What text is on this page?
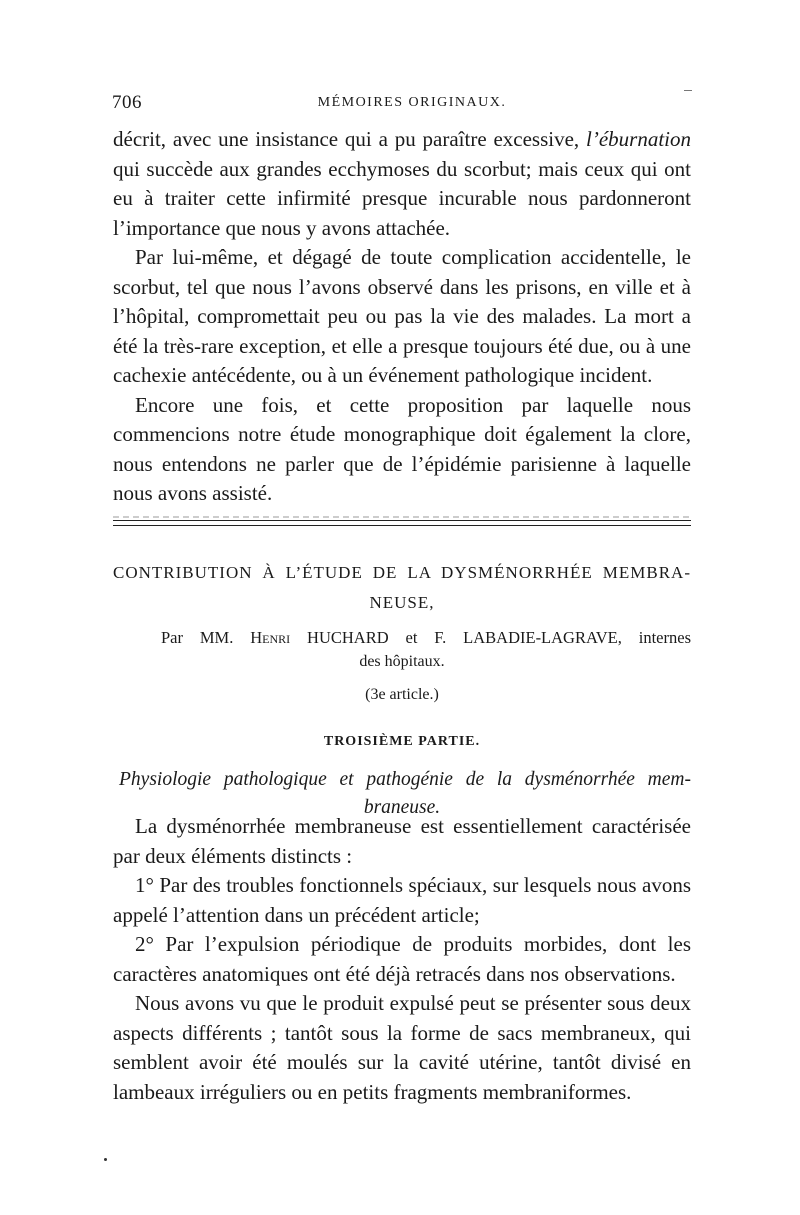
706	MÉMOIRES ORIGINAUX.

décrit, avec une insistance qui a pu paraître excessive, l’éburnation qui succède aux grandes ecchymoses du scorbut; mais ceux qui ont eu à traiter cette infirmité presque incurable nous pardonneront l’importance que nous y avons attachée.

Par lui-même, et dégagé de toute complication accidentelle, le scorbut, tel que nous l’avons observé dans les prisons, en ville et à l’hôpital, compromettait peu ou pas la vie des malades. La mort a été la très-rare exception, et elle a presque toujours été due, ou à une cachexie antécédente, ou à un événement pathologique incident.

Encore une fois, et cette proposition par laquelle nous commencions notre étude monographique doit également la clore, nous entendons ne parler que de l’épidémie parisienne à laquelle nous avons assisté.

CONTRIBUTION À L’ÉTUDE DE LA DYSMÉNORRHÉE MEMBRA-
NEUSE,

Par MM. Henri HUCHARD et F. LABADIE-LAGRAVE, internes
des hôpitaux.

(3e article.)

TROISIÈME PARTIE.

Physiologie pathologique et pathogénie de la dysménorrhée mem-
braneuse.

La dysménorrhée membraneuse est essentiellement caractérisée par deux éléments distincts :

1° Par des troubles fonctionnels spéciaux, sur lesquels nous avons appelé l’attention dans un précédent article;

2° Par l’expulsion périodique de produits morbides, dont les caractères anatomiques ont été déjà retracés dans nos observations.

Nous avons vu que le produit expulsé peut se présenter sous deux aspects différents ; tantôt sous la forme de sacs membraneux, qui semblent avoir été moulés sur la cavité utérine, tantôt divisé en lambeaux irréguliers ou en petits fragments membraniformes.
